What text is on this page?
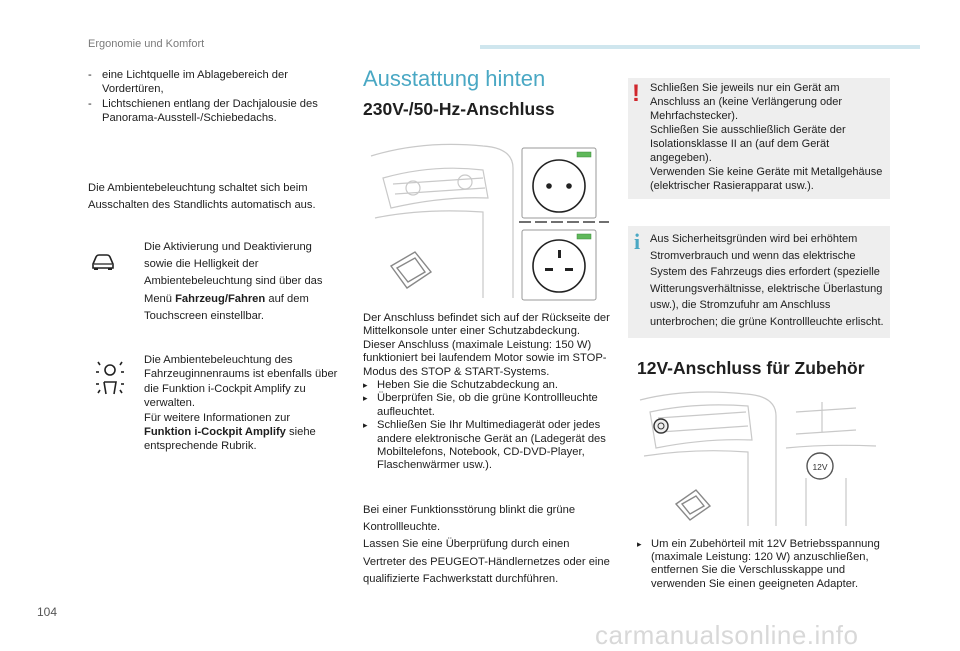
Ergonomie und Komfort
- eine Lichtquelle im Ablagebereich der Vordertüren,
- Lichtschienen entlang der Dachjalousie des Panorama-Ausstell-/Schiebedachs.
Die Ambientebeleuchtung schaltet sich beim Ausschalten des Standlichts automatisch aus.
Die Aktivierung und Deaktivierung sowie die Helligkeit der Ambientebeleuchtung sind über das Menü Fahrzeug/Fahren auf dem Touchscreen einstellbar.
Die Ambientebeleuchtung des Fahrzeuginnenraums ist ebenfalls über die Funktion i-Cockpit Amplify zu verwalten.
Für weitere Informationen zur Funktion i-Cockpit Amplify siehe entsprechende Rubrik.
Ausstattung hinten
230V-/50-Hz-Anschluss
Der Anschluss befindet sich auf der Rückseite der Mittelkonsole unter einer Schutzabdeckung.
Dieser Anschluss (maximale Leistung: 150 W) funktioniert bei laufendem Motor sowie im STOP-Modus des STOP & START-Systems.
▸ Heben Sie die Schutzabdeckung an.
▸ Überprüfen Sie, ob die grüne Kontrollleuchte aufleuchtet.
▸ Schließen Sie Ihr Multimediagerät oder jedes andere elektronische Gerät an (Ladegerät des Mobiltelefons, Notebook, CD-DVD-Player, Flaschenwärmer usw.).
Bei einer Funktionsstörung blinkt die grüne Kontrollleuchte.
Lassen Sie eine Überprüfung durch einen Vertreter des PEUGEOT-Händlernetzes oder eine qualifizierte Fachwerkstatt durchführen.
! Schließen Sie jeweils nur ein Gerät am Anschluss an (keine Verlängerung oder Mehrfachstecker).
Schließen Sie ausschließlich Geräte der Isolationsklasse II an (auf dem Gerät angegeben).
Verwenden Sie keine Geräte mit Metallgehäuse (elektrischer Rasierapparat usw.).
i Aus Sicherheitsgründen wird bei erhöhtem Stromverbrauch und wenn das elektrische System des Fahrzeugs dies erfordert (spezielle Witterungsverhältnisse, elektrische Überlastung usw.), die Stromzufuhr am Anschluss unterbrochen; die grüne Kontrollleuchte erlischt.
12V-Anschluss für Zubehör
12V
▸ Um ein Zubehörteil mit 12V Betriebsspannung (maximale Leistung: 120 W) anzuschließen, entfernen Sie die Verschlusskappe und verwenden Sie einen geeigneten Adapter.
104
carmanualsonline.info
